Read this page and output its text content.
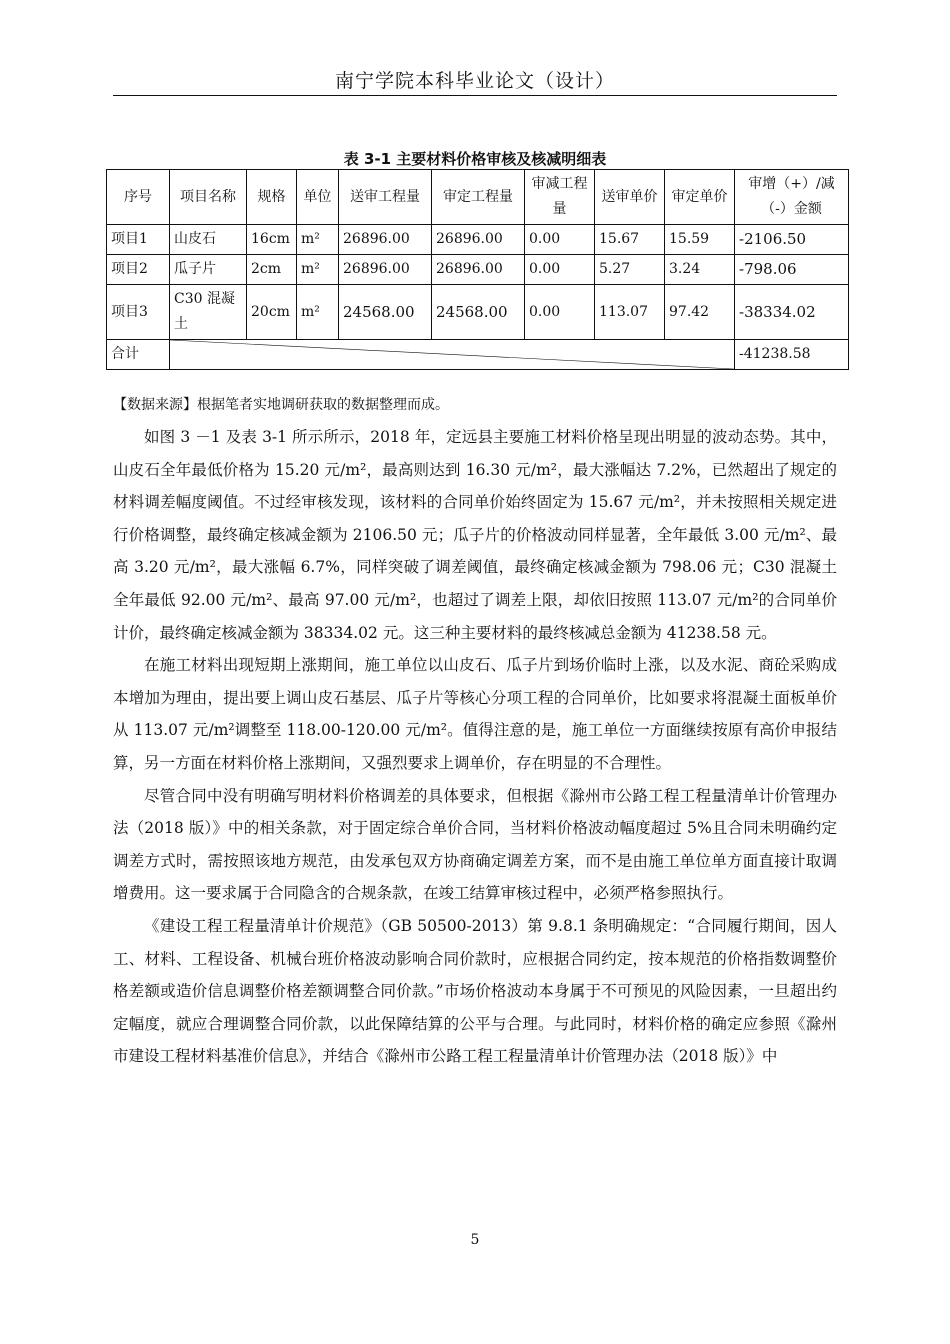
南宁学院本科毕业论文（设计）
表 3-1 主要材料价格审核及核减明细表
序号	项目名称	规格	单位	送审工程量	审定工程量	审减工程量	送审单价	审定单价	审增（+）/减（-）金额
项目1	山皮石	16cm	m²	26896.00	26896.00	0.00	15.67	15.59	-2106.50
项目2	瓜子片	2cm	m²	26896.00	26896.00	0.00	5.27	3.24	-798.06
项目3	C30 混凝土	20cm	m²	24568.00	24568.00	0.00	113.07	97.42	-38334.02
合计									-41238.58
【数据来源】根据笔者实地调研获取的数据整理而成。

如图 3 －1 及表 3-1 所示所示，2018 年，定远县主要施工材料价格呈现出明显的波动态势。其中，山皮石全年最低价格为 15.20 元/m²，最高则达到 16.30 元/m²，最大涨幅达 7.2%，已然超出了规定的材料调差幅度阈值。不过经审核发现，该材料的合同单价始终固定为 15.67 元/m²，并未按照相关规定进行价格调整，最终确定核减金额为 2106.50 元；瓜子片的价格波动同样显著，全年最低 3.00 元/m²、最高 3.20 元/m²，最大涨幅 6.7%，同样突破了调差阈值，最终确定核减金额为 798.06 元；C30 混凝土全年最低 92.00 元/m²、最高 97.00 元/m²，也超过了调差上限，却依旧按照 113.07 元/m²的合同单价计价，最终确定核减金额为 38334.02 元。这三种主要材料的最终核减总金额为 41238.58 元。

在施工材料出现短期上涨期间，施工单位以山皮石、瓜子片到场价临时上涨，以及水泥、商砼采购成本增加为理由，提出要上调山皮石基层、瓜子片等核心分项工程的合同单价，比如要求将混凝土面板单价从 113.07 元/m²调整至 118.00-120.00 元/m²。值得注意的是，施工单位一方面继续按原有高价申报结算，另一方面在材料价格上涨期间，又强烈要求上调单价，存在明显的不合理性。

尽管合同中没有明确写明材料价格调差的具体要求，但根据《滁州市公路工程工程量清单计价管理办法（2018 版）》中的相关条款，对于固定综合单价合同，当材料价格波动幅度超过 5%且合同未明确约定调差方式时，需按照该地方规范，由发承包双方协商确定调差方案，而不是由施工单位单方面直接计取调增费用。这一要求属于合同隐含的合规条款，在竣工结算审核过程中，必须严格参照执行。

《建设工程工程量清单计价规范》（GB 50500-2013）第 9.8.1 条明确规定：“合同履行期间，因人工、材料、工程设备、机械台班价格波动影响合同价款时，应根据合同约定，按本规范的价格指数调整价格差额或造价信息调整价格差额调整合同价款。”市场价格波动本身属于不可预见的风险因素，一旦超出约定幅度，就应合理调整合同价款，以此保障结算的公平与合理。与此同时，材料价格的确定应参照《滁州市建设工程材料基准价信息》，并结合《滁州市公路工程工程量清单计价管理办法（2018 版）》中

5
